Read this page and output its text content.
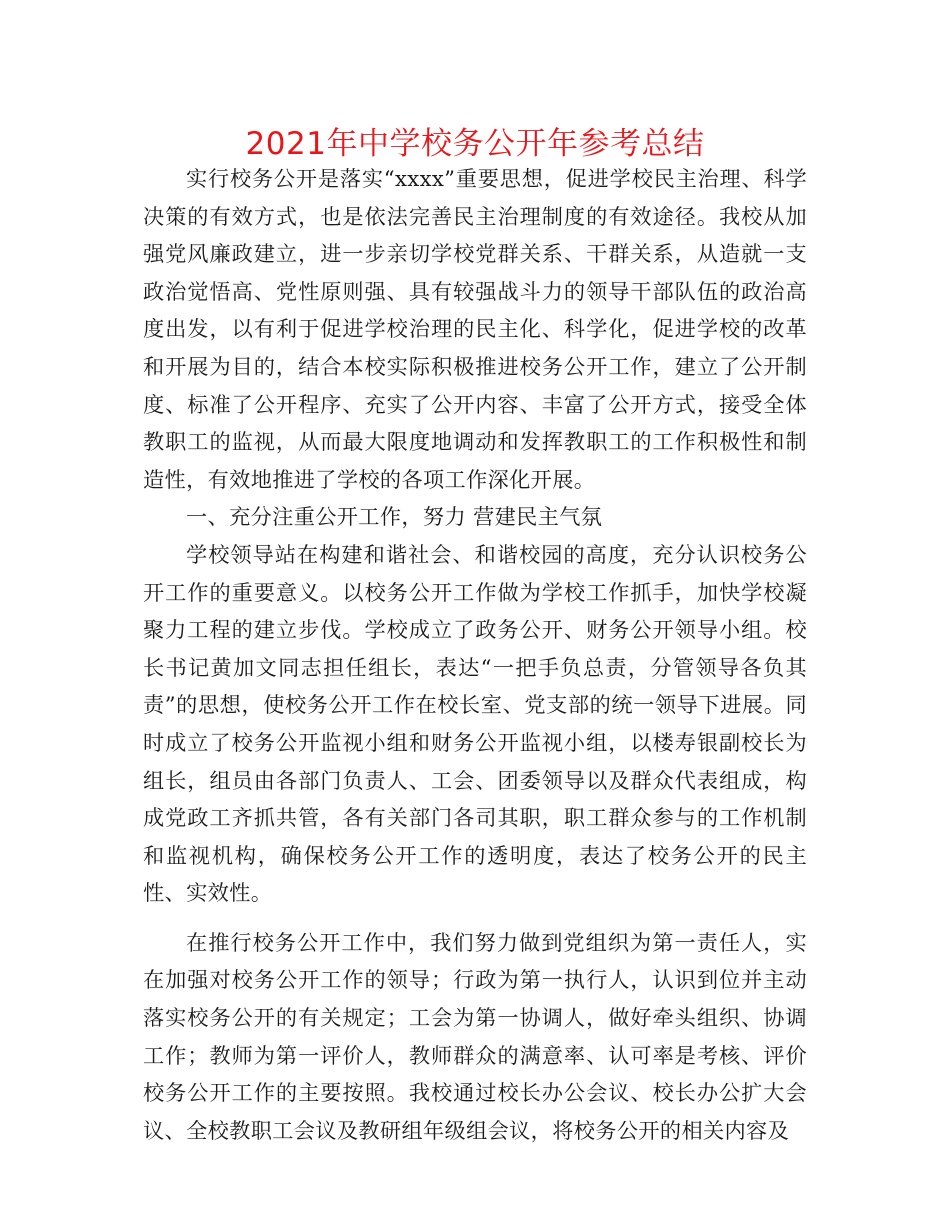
2021年中学校务公开年参考总结

实行校务公开是落实“xxxx”重要思想，促进学校民主治理、科学决策的有效方式，也是依法完善民主治理制度的有效途径。我校从加强党风廉政建立，进一步亲切学校党群关系、干群关系，从造就一支政治觉悟高、党性原则强、具有较强战斗力的领导干部队伍的政治高度出发，以有利于促进学校治理的民主化、科学化，促进学校的改革和开展为目的，结合本校实际积极推进校务公开工作，建立了公开制度、标准了公开程序、充实了公开内容、丰富了公开方式，接受全体教职工的监视，从而最大限度地调动和发挥教职工的工作积极性和制造性，有效地推进了学校的各项工作深化开展。

一、充分注重公开工作，努力 营建民主气氛

学校领导站在构建和谐社会、和谐校园的高度，充分认识校务公开工作的重要意义。以校务公开工作做为学校工作抓手，加快学校凝聚力工程的建立步伐。学校成立了政务公开、财务公开领导小组。校长书记黄加文同志担任组长，表达“一把手负总责，分管领导各负其责”的思想，使校务公开工作在校长室、党支部的统一领导下进展。同时成立了校务公开监视小组和财务公开监视小组，以楼寿银副校长为组长，组员由各部门负责人、工会、团委领导以及群众代表组成，构成党政工齐抓共管，各有关部门各司其职，职工群众参与的工作机制和监视机构，确保校务公开工作的透明度，表达了校务公开的民主性、实效性。

在推行校务公开工作中，我们努力做到党组织为第一责任人，实在加强对校务公开工作的领导；行政为第一执行人，认识到位并主动落实校务公开的有关规定；工会为第一协调人，做好牵头组织、协调工作；教师为第一评价人，教师群众的满意率、认可率是考核、评价校务公开工作的主要按照。我校通过校长办公会议、校长办公扩大会议、全校教职工会议及教研组年级组会议，将校务公开的相关内容及
